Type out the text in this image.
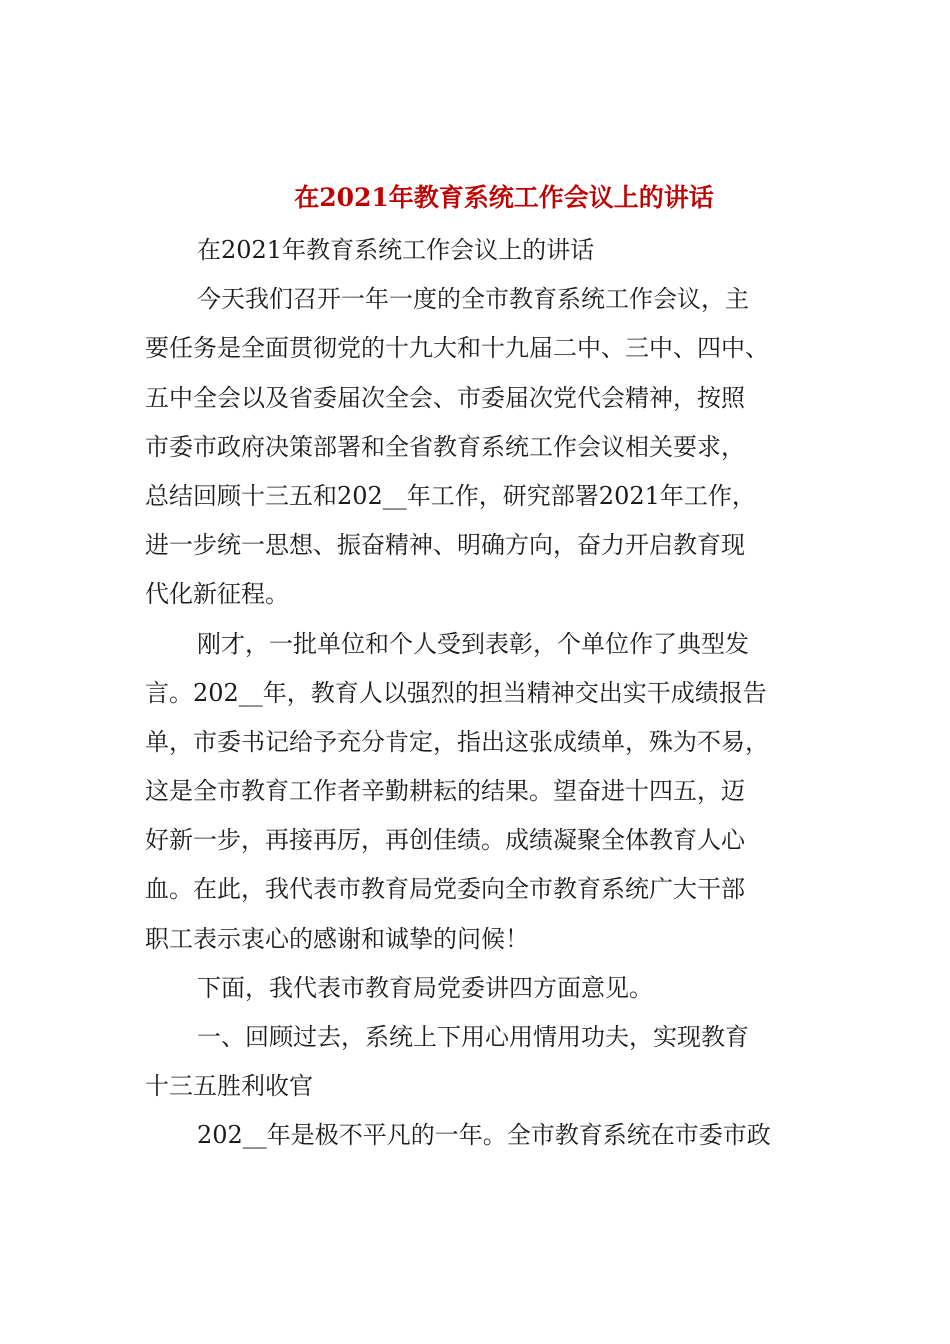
在2021年教育系统工作会议上的讲话
在2021年教育系统工作会议上的讲话
今天我们召开一年一度的全市教育系统工作会议，主
要任务是全面贯彻党的十九大和十九届二中、三中、四中、
五中全会以及省委届次全会、市委届次党代会精神，按照
市委市政府决策部署和全省教育系统工作会议相关要求，
总结回顾十三五和202__年工作，研究部署2021年工作，
进一步统一思想、振奋精神、明确方向，奋力开启教育现
代化新征程。
刚才，一批单位和个人受到表彰，个单位作了典型发
言。202__年，教育人以强烈的担当精神交出实干成绩报告
单，市委书记给予充分肯定，指出这张成绩单，殊为不易，
这是全市教育工作者辛勤耕耘的结果。望奋进十四五，迈
好新一步，再接再厉，再创佳绩。成绩凝聚全体教育人心
血。在此，我代表市教育局党委向全市教育系统广大干部
职工表示衷心的感谢和诚挚的问候！
下面，我代表市教育局党委讲四方面意见。
一、回顾过去，系统上下用心用情用功夫，实现教育
十三五胜利收官
202__年是极不平凡的一年。全市教育系统在市委市政
